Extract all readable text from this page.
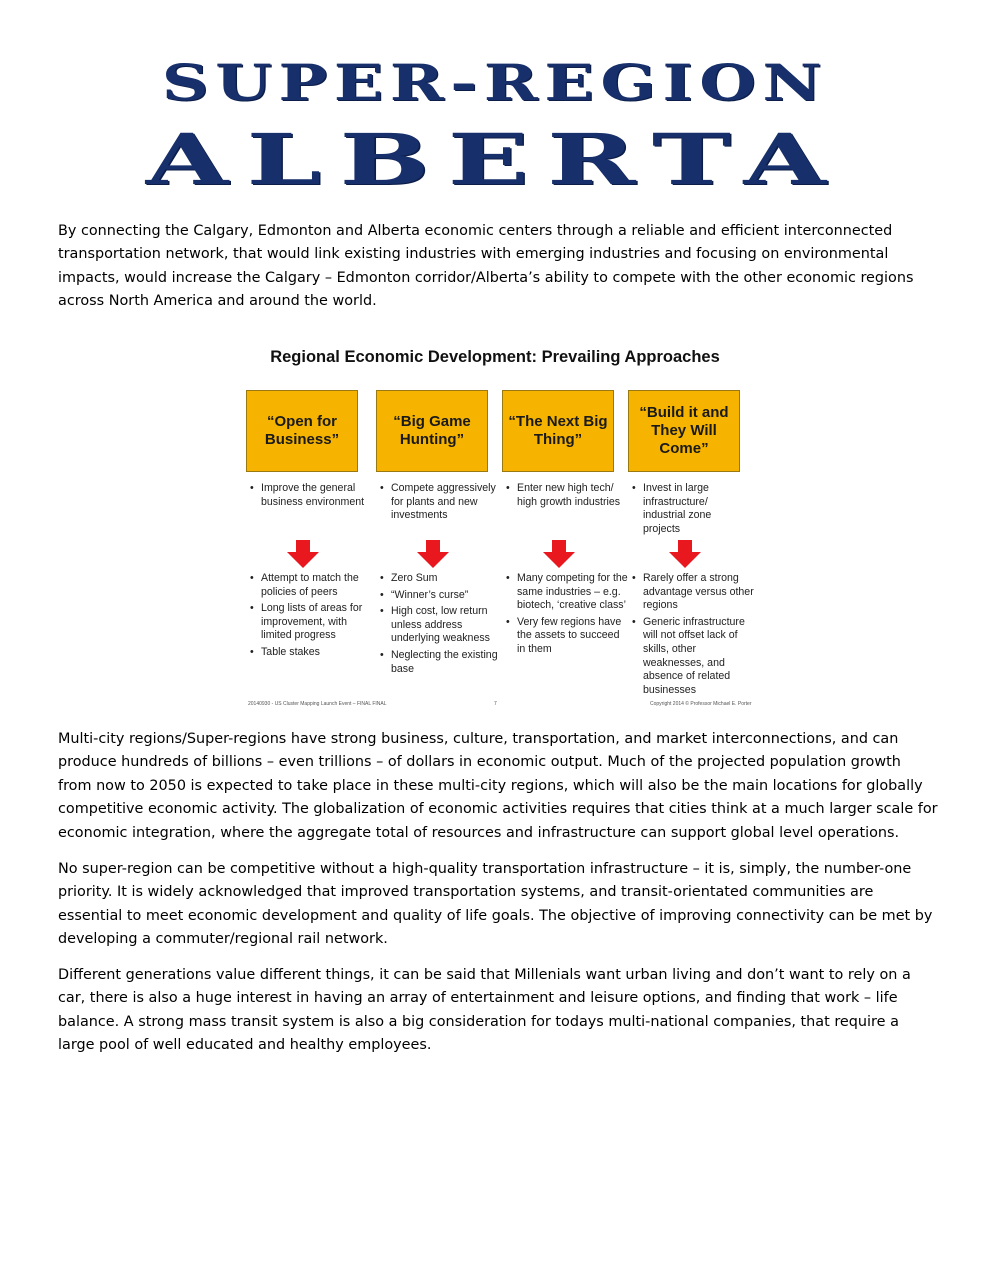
SUPER-REGION
ALBERTA

By connecting the Calgary, Edmonton and Alberta economic centers through a reliable and efficient interconnected transportation network, that would link existing industries with emerging industries and focusing on environmental impacts, would increase the Calgary – Edmonton corridor/Alberta’s ability to compete with the other economic regions across North America and around the world.

Regional Economic Development: Prevailing Approaches
“Open for Business”
• Improve the general business environment
• Attempt to match the policies of peers
• Long lists of areas for improvement, with limited progress
• Table stakes
“Big Game Hunting”
• Compete aggressively for plants and new investments
• Zero Sum
• “Winner’s curse”
• High cost, low return unless address underlying weakness
• Neglecting the existing base
“The Next Big Thing”
• Enter new high tech/ high growth industries
• Many competing for the same industries – e.g. biotech, ‘creative class’
• Very few regions have the assets to succeed in them
“Build it and They Will Come”
• Invest in large infrastructure/ industrial zone projects
• Rarely offer a strong advantage versus other regions
• Generic infrastructure will not offset lack of skills, other weaknesses, and absence of related businesses
20140930 - US Cluster Mapping Launch Event – FINAL FINAL	7	Copyright 2014 © Professor Michael E. Porter

Multi-city regions/Super-regions have strong business, culture, transportation, and market interconnections, and can produce hundreds of billions – even trillions – of dollars in economic output. Much of the projected population growth from now to 2050 is expected to take place in these multi-city regions, which will also be the main locations for globally competitive economic activity. The globalization of economic activities requires that cities think at a much larger scale for economic integration, where the aggregate total of resources and infrastructure can support global level operations.

No super-region can be competitive without a high-quality transportation infrastructure – it is, simply, the number-one priority. It is widely acknowledged that improved transportation systems, and transit-orientated communities are essential to meet economic development and quality of life goals. The objective of improving connectivity can be met by developing a commuter/regional rail network.

Different generations value different things, it can be said that Millenials want urban living and don’t want to rely on a car, there is also a huge interest in having an array of entertainment and leisure options, and finding that work – life balance. A strong mass transit system is also a big consideration for todays multi-national companies, that require a large pool of well educated and healthy employees.
